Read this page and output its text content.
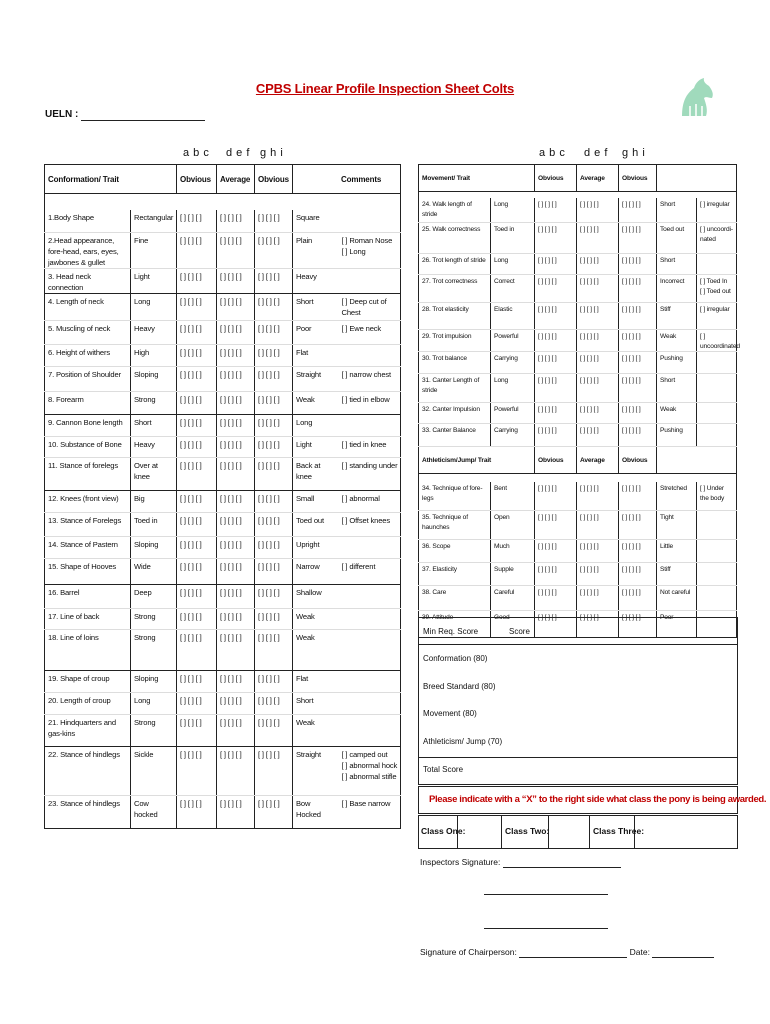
CPBS Linear Profile Inspection Sheet Colts
UELN :
a b c d e f g h i	a b c d e f g h i
Conformation/ Trait		Obvious	Average	Obvious	Comments	

1.Body Shape	Rectangular	[ ] [ ] [ ]	[ ] [ ] [ ]	[ ] [ ] [ ]	Square	
2.Head appearance, fore-head, ears, eyes, jawbones & gullet	Fine	[ ] [ ] [ ]	[ ] [ ] [ ]	[ ] [ ] [ ]	Plain	[ ] Roman Nose
[ ] Long
3. Head neck connection	Light	[ ] [ ] [ ]	[ ] [ ] [ ]	[ ] [ ] [ ]	Heavy	
4. Length of neck	Long	[ ] [ ] [ ]	[ ] [ ] [ ]	[ ] [ ] [ ]	Short	[ ] Deep cut of Chest
5. Muscling of neck	Heavy	[ ] [ ] [ ]	[ ] [ ] [ ]	[ ] [ ] [ ]	Poor	[ ] Ewe neck
6. Height of withers	High	[ ] [ ] [ ]	[ ] [ ] [ ]	[ ] [ ] [ ]	Flat	
7. Position of Shoulder	Sloping	[ ] [ ] [ ]	[ ] [ ] [ ]	[ ] [ ] [ ]	Straight	[ ] narrow chest
8. Forearm	Strong	[ ] [ ] [ ]	[ ] [ ] [ ]	[ ] [ ] [ ]	Weak	[ ] tied in elbow
9. Cannon Bone length	Short	[ ] [ ] [ ]	[ ] [ ] [ ]	[ ] [ ] [ ]	Long	
10. Substance of Bone	Heavy	[ ] [ ] [ ]	[ ] [ ] [ ]	[ ] [ ] [ ]	Light	[ ] tied in knee
11. Stance of forelegs	Over at knee	[ ] [ ] [ ]	[ ] [ ] [ ]	[ ] [ ] [ ]	Back at knee	[ ] standing under
12. Knees (front view)	Big	[ ] [ ] [ ]	[ ] [ ] [ ]	[ ] [ ] [ ]	Small	[ ] abnormal
13. Stance of Forelegs	Toed in	[ ] [ ] [ ]	[ ] [ ] [ ]	[ ] [ ] [ ]	Toed out	[ ] Offset knees
14. Stance of Pastern	Sloping	[ ] [ ] [ ]	[ ] [ ] [ ]	[ ] [ ] [ ]	Upright	
15. Shape of Hooves	Wide	[ ] [ ] [ ]	[ ] [ ] [ ]	[ ] [ ] [ ]	Narrow	[ ] different
16. Barrel	Deep	[ ] [ ] [ ]	[ ] [ ] [ ]	[ ] [ ] [ ]	Shallow	
17. Line of back	Strong	[ ] [ ] [ ]	[ ] [ ] [ ]	[ ] [ ] [ ]	Weak	
18. Line of loins	Strong	[ ] [ ] [ ]	[ ] [ ] [ ]	[ ] [ ] [ ]	Weak	
19. Shape of croup	Sloping	[ ] [ ] [ ]	[ ] [ ] [ ]	[ ] [ ] [ ]	Flat	
20. Length of croup	Long	[ ] [ ] [ ]	[ ] [ ] [ ]	[ ] [ ] [ ]	Short	
21. Hindquarters and gas-kins	Strong	[ ] [ ] [ ]	[ ] [ ] [ ]	[ ] [ ] [ ]	Weak	
22. Stance of hindlegs	Sickle	[ ] [ ] [ ]	[ ] [ ] [ ]	[ ] [ ] [ ]	Straight	[ ] camped out
[ ] abnormal hock
[ ] abnormal stifle
23. Stance of hindlegs	Cow hocked	[ ] [ ] [ ]	[ ] [ ] [ ]	[ ] [ ] [ ]	Bow Hocked	[ ] Base narrow
Movement/ Trait		Obvious	Average	Obvious		

24. Walk length of stride	Long	[ ] [ ] [ ]	[ ] [ ] [ ]	[ ] [ ] [ ]	Short	[ ] irregular
25. Walk correctness	Toed in	[ ] [ ] [ ]	[ ] [ ] [ ]	[ ] [ ] [ ]	Toed out	[ ] uncoordi-nated
26. Trot length of stride	Long	[ ] [ ] [ ]	[ ] [ ] [ ]	[ ] [ ] [ ]	Short	
27. Trot correctness	Correct	[ ] [ ] [ ]	[ ] [ ] [ ]	[ ] [ ] [ ]	Incorrect	[ ] Toed In
[ ] Toed out
28. Trot elasticity	Elastic	[ ] [ ] [ ]	[ ] [ ] [ ]	[ ] [ ] [ ]	Stiff	[ ] irregular
29. Trot impulsion	Powerful	[ ] [ ] [ ]	[ ] [ ] [ ]	[ ] [ ] [ ]	Weak	[ ] uncoordinated
30. Trot balance	Carrying	[ ] [ ] [ ]	[ ] [ ] [ ]	[ ] [ ] [ ]	Pushing	
31. Canter Length of stride	Long	[ ] [ ] [ ]	[ ] [ ] [ ]	[ ] [ ] [ ]	Short	
32. Canter Impulsion	Powerful	[ ] [ ] [ ]	[ ] [ ] [ ]	[ ] [ ] [ ]	Weak	
33. Canter Balance	Carrying	[ ] [ ] [ ]	[ ] [ ] [ ]	[ ] [ ] [ ]	Pushing	
Athleticism/Jump/ Trait		Obvious	Average	Obvious		

34. Technique of fore-legs	Bent	[ ] [ ] [ ]	[ ] [ ] [ ]	[ ] [ ] [ ]	Stretched	[ ] Under the body
35. Technique of haunches	Open	[ ] [ ] [ ]	[ ] [ ] [ ]	[ ] [ ] [ ]	Tight	
36. Scope	Much	[ ] [ ] [ ]	[ ] [ ] [ ]	[ ] [ ] [ ]	Little	
37. Elasticity	Supple	[ ] [ ] [ ]	[ ] [ ] [ ]	[ ] [ ] [ ]	Stiff	
38. Care	Careful	[ ] [ ] [ ]	[ ] [ ] [ ]	[ ] [ ] [ ]	Not careful	
39. Attitude	Good	[ ] [ ] [ ]	[ ] [ ] [ ]	[ ] [ ] [ ]	Poor	
Min Req. Score	Score
Conformation (80)
Breed Standard (80)
Movement (80)
Athleticism/ Jump (70)
Total Score
Please indicate with a “X” to the right side what class the pony is being awarded.
Class One:	Class Two:	Class Three:
Inspectors Signature:
Signature of Chairperson:	Date:
